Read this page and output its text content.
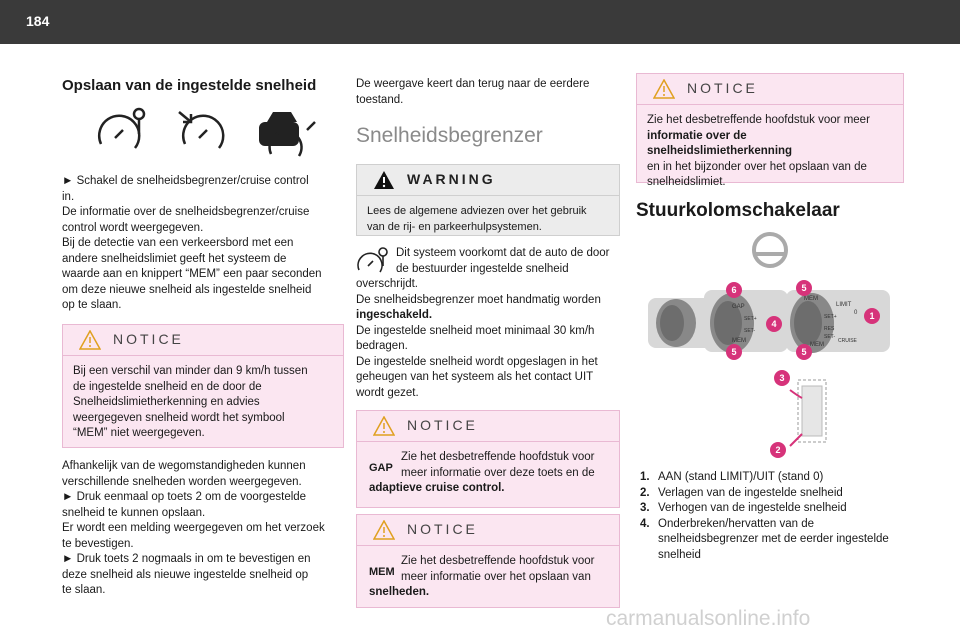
184
Opslaan van de ingestelde snelheid

► Schakel de snelheidsbegrenzer/cruise control

in.

De informatie over de snelheidsbegrenzer/cruise

control wordt weergegeven.

Bij de detectie van een verkeersbord met een

andere snelheidslimiet geeft het systeem de

waarde aan en knippert “MEM” een paar seconden

om deze nieuwe snelheid als ingestelde snelheid

op te slaan.

NOTICE

Bij een verschil van minder dan 9 km/h tussen

de ingestelde snelheid en de door de

Snelheidslimietherkenning en advies

weergegeven snelheid wordt het symbool

“MEM” niet weergegeven.

Afhankelijk van de wegomstandigheden kunnen

verschillende snelheden worden weergegeven.

► Druk eenmaal op toets 2 om de voorgestelde

snelheid te kunnen opslaan.

Er wordt een melding weergegeven om het verzoek

te bevestigen.

► Druk toets 2 nogmaals in om te bevestigen en

deze snelheid als nieuwe ingestelde snelheid op

te slaan.

De weergave keert dan terug naar de eerdere

toestand.

Snelheidsbegrenzer
WARNING

Lees de algemene adviezen over het gebruik

van de rij- en parkeerhulpsystemen.

Dit systeem voorkomt dat de auto de door

de bestuurder ingestelde snelheid

overschrijdt.

De snelheidsbegrenzer moet handmatig worden

ingeschakeld.

De ingestelde snelheid moet minimaal 30 km/h

bedragen.

De ingestelde snelheid wordt opgeslagen in het

geheugen van het systeem als het contact UIT

wordt gezet.

NOTICE
GAP

Zie het desbetreffende hoofdstuk voor

meer informatie over deze toets en de

adaptieve cruise control.

NOTICE
MEM

Zie het desbetreffende hoofdstuk voor

meer informatie over het opslaan van

snelheden.

NOTICE

Zie het desbetreffende hoofdstuk voor meer

informatie over de snelheidslimietherkenning

en in het bijzonder over het opslaan van de

snelheidslimiet.

Stuurkolomschakelaar
GAP
SET+
SET-
MEM
MEM
LIMIT
SET+
RES
SET-
MEM
CRUISE
0
6	5
1
4
5	5
3
2
1. AAN (stand LIMIT)/UIT (stand 0)
2. Verlagen van de ingestelde snelheid
3. Verhogen van de ingestelde snelheid
4. Onderbreken/hervatten van de snelheidsbegrenzer met de eerder ingestelde snelheid
carmanualsonline.info
